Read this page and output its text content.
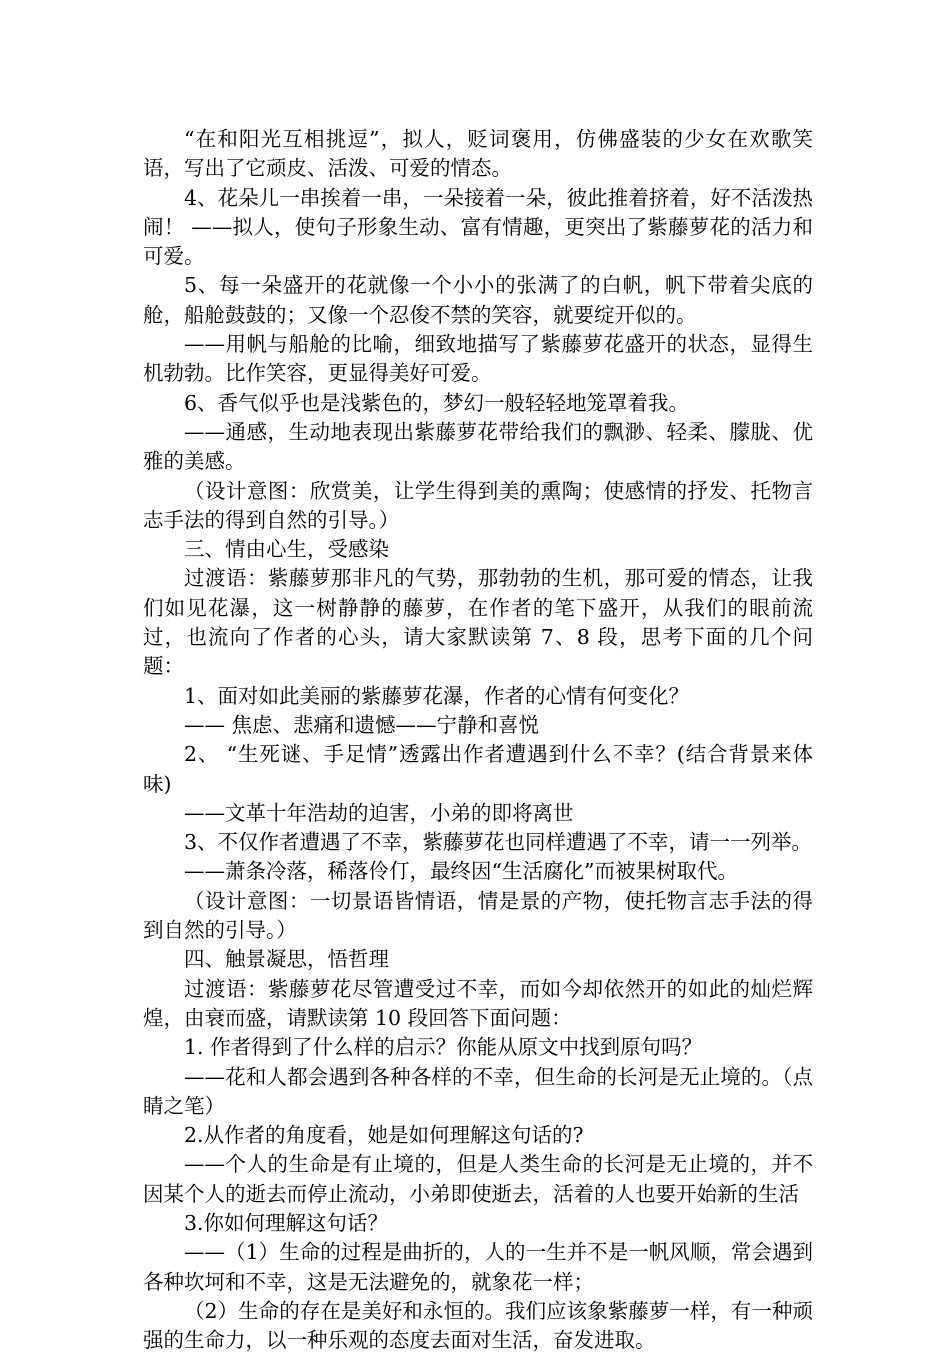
“在和阳光互相挑逗”，拟人，贬词褒用，仿佛盛装的少女在欢歌笑语，写出了它顽皮、活泼、可爱的情态。

4、花朵儿一串挨着一串，一朵接着一朵，彼此推着挤着，好不活泼热闹！ ——拟人，使句子形象生动、富有情趣，更突出了紫藤萝花的活力和可爱。

5、每一朵盛开的花就像一个小小的张满了的白帆，帆下带着尖底的舱，船舱鼓鼓的；又像一个忍俊不禁的笑容，就要绽开似的。

——用帆与船舱的比喻，细致地描写了紫藤萝花盛开的状态，显得生机勃勃。比作笑容，更显得美好可爱。

6、香气似乎也是浅紫色的，梦幻一般轻轻地笼罩着我。

——通感，生动地表现出紫藤萝花带给我们的飘渺、轻柔、朦胧、优雅的美感。

（设计意图：欣赏美，让学生得到美的熏陶；使感情的抒发、托物言志手法的得到自然的引导。）

三、情由心生，受感染

过渡语：紫藤萝那非凡的气势，那勃勃的生机，那可爱的情态，让我们如见花瀑，这一树静静的藤萝，在作者的笔下盛开，从我们的眼前流过，也流向了作者的心头，请大家默读第 7、8 段，思考下面的几个问题：

1、面对如此美丽的紫藤萝花瀑，作者的心情有何变化？

—— 焦虑、悲痛和遗憾——宁静和喜悦

2、 “生死谜、手足情”透露出作者遭遇到什么不幸？(结合背景来体味)

——文革十年浩劫的迫害，小弟的即将离世

3、不仅作者遭遇了不幸，紫藤萝花也同样遭遇了不幸，请一一列举。

——萧条冷落，稀落伶仃，最终因“生活腐化”而被果树取代。

（设计意图：一切景语皆情语，情是景的产物，使托物言志手法的得到自然的引导。）

四、触景凝思，悟哲理

过渡语：紫藤萝花尽管遭受过不幸，而如今却依然开的如此的灿烂辉煌，由衰而盛，请默读第 10 段回答下面问题：

1. 作者得到了什么样的启示？你能从原文中找到原句吗？

——花和人都会遇到各种各样的不幸，但生命的长河是无止境的。（点睛之笔）

2.从作者的角度看，她是如何理解这句话的?

——个人的生命是有止境的，但是人类生命的长河是无止境的，并不因某个人的逝去而停止流动，小弟即使逝去，活着的人也要开始新的生活

3.你如何理解这句话？

——（1）生命的过程是曲折的，人的一生并不是一帆风顺，常会遇到各种坎坷和不幸，这是无法避免的，就象花一样；

（2）生命的存在是美好和永恒的。我们应该象紫藤萝一样，有一种顽强的生命力，以一种乐观的态度去面对生活，奋发进取。
